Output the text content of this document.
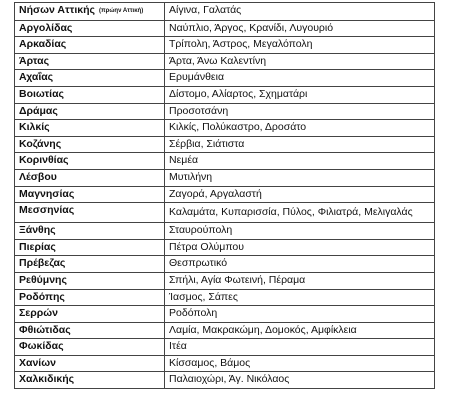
Νήσων Αττικής (πρώην Αττική)	Αίγινα, Γαλατάς
Αργολίδας	Ναύπλιο, Άργος, Κρανίδι, Λυγουριό
Αρκαδίας	Τρίπολη, Άστρος, Μεγαλόπολη
Άρτας	Άρτα, Άνω Καλεντίνη
Αχαΐας	Ερυμάνθεια
Βοιωτίας	Δίστομο, Αλίαρτος, Σχηματάρι
Δράμας	Προσοτσάνη
Κιλκίς	Κιλκίς, Πολύκαστρο, Δροσάτο
Κοζάνης	Σέρβια, Σιάτιστα
Κορινθίας	Νεμέα
Λέσβου	Μυτιλήνη
Μαγνησίας	Ζαγορά, Αργαλαστή
Μεσσηνίας	Καλαμάτα, Κυπαρισσία, Πύλος, Φιλιατρά, Μελιγαλάς
Ξάνθης	Σταυρούπολη
Πιερίας	Πέτρα Ολύμπου
Πρέβεζας	Θεσπρωτικό
Ρεθύμνης	Σπήλι, Αγία Φωτεινή, Πέραμα
Ροδόπης	Ίασμος, Σάπες
Σερρών	Ροδόπολη
Φθιώτιδας	Λαμία, Μακρακώμη, Δομοκός, Αμφίκλεια
Φωκίδας	Ιτέα
Χανίων	Κίσσαμος, Βάμος
Χαλκιδικής	Παλαιοχώρι, Άγ. Νικόλαος
